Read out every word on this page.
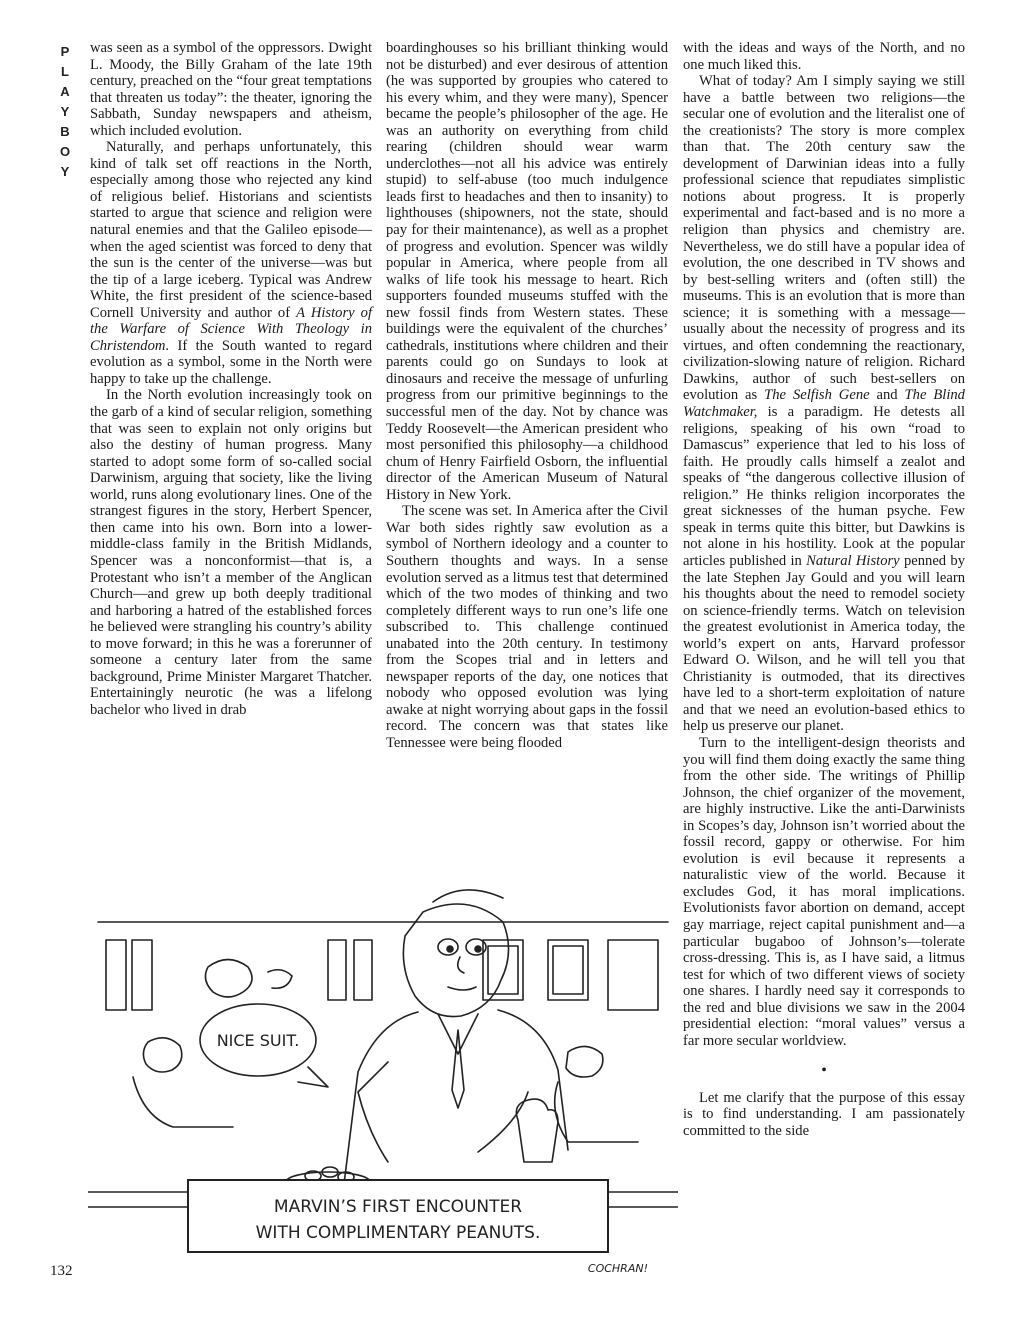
P
L
A
Y
B
O
Y

was seen as a symbol of the oppressors. Dwight L. Moody, the Billy Graham of the late 19th century, preached on the “four great temptations that threaten us today”: the theater, ignoring the Sabbath, Sunday newspapers and atheism, which included evolution.

Naturally, and perhaps unfortunately, this kind of talk set off reactions in the North, especially among those who rejected any kind of religious belief. Historians and scientists started to argue that science and religion were natural enemies and that the Galileo episode—when the aged scientist was forced to deny that the sun is the center of the universe—was but the tip of a large iceberg. Typical was Andrew White, the first president of the science-based Cornell University and author of A History of the Warfare of Science With Theology in Christendom. If the South wanted to regard evolution as a symbol, some in the North were happy to take up the challenge.

In the North evolution increasingly took on the garb of a kind of secular religion, something that was seen to explain not only origins but also the destiny of human progress. Many started to adopt some form of so-called social Darwinism, arguing that society, like the living world, runs along evolutionary lines. One of the strangest figures in the story, Herbert Spencer, then came into his own. Born into a lower-middle-class family in the British Midlands, Spencer was a nonconformist—that is, a Protestant who isn’t a member of the Anglican Church—and grew up both deeply traditional and harboring a hatred of the established forces he believed were strangling his country’s ability to move forward; in this he was a forerunner of someone a century later from the same background, Prime Minister Margaret Thatcher. Entertainingly neurotic (he was a lifelong bachelor who lived in drab

boardinghouses so his brilliant thinking would not be disturbed) and ever desirous of attention (he was supported by groupies who catered to his every whim, and they were many), Spencer became the people’s philosopher of the age. He was an authority on everything from child rearing (children should wear warm underclothes—not all his advice was entirely stupid) to self-abuse (too much indulgence leads first to headaches and then to insanity) to lighthouses (shipowners, not the state, should pay for their maintenance), as well as a prophet of progress and evolution. Spencer was wildly popular in America, where people from all walks of life took his message to heart. Rich supporters founded museums stuffed with the new fossil finds from Western states. These buildings were the equivalent of the churches’ cathedrals, institutions where children and their parents could go on Sundays to look at dinosaurs and receive the message of unfurling progress from our primitive beginnings to the successful men of the day. Not by chance was Teddy Roosevelt—the American president who most personified this philosophy—a childhood chum of Henry Fairfield Osborn, the influential director of the American Museum of Natural History in New York.

The scene was set. In America after the Civil War both sides rightly saw evolution as a symbol of Northern ideology and a counter to Southern thoughts and ways. In a sense evolution served as a litmus test that determined which of the two modes of thinking and two completely different ways to run one’s life one subscribed to. This challenge continued unabated into the 20th century. In testimony from the Scopes trial and in letters and newspaper reports of the day, one notices that nobody who opposed evolution was lying awake at night worrying about gaps in the fossil record. The concern was that states like Tennessee were being flooded

with the ideas and ways of the North, and no one much liked this.

What of today? Am I simply saying we still have a battle between two religions—the secular one of evolution and the literalist one of the creationists? The story is more complex than that. The 20th century saw the development of Darwinian ideas into a fully professional science that repudiates simplistic notions about progress. It is properly experimental and fact-based and is no more a religion than physics and chemistry are. Nevertheless, we do still have a popular idea of evolution, the one described in TV shows and by best-selling writers and (often still) the museums. This is an evolution that is more than science; it is something with a message—usually about the necessity of progress and its virtues, and often condemning the reactionary, civilization-slowing nature of religion. Richard Dawkins, author of such best-sellers on evolution as The Selfish Gene and The Blind Watchmaker, is a paradigm. He detests all religions, speaking of his own “road to Damascus” experience that led to his loss of faith. He proudly calls himself a zealot and speaks of “the dangerous collective illusion of religion.” He thinks religion incorporates the great sicknesses of the human psyche. Few speak in terms quite this bitter, but Dawkins is not alone in his hostility. Look at the popular articles published in Natural History penned by the late Stephen Jay Gould and you will learn his thoughts about the need to remodel society on science-friendly terms. Watch on television the greatest evolutionist in America today, the world’s expert on ants, Harvard professor Edward O. Wilson, and he will tell you that Christianity is outmoded, that its directives have led to a short-term exploitation of nature and that we need an evolution-based ethics to help us preserve our planet.

Turn to the intelligent-design theorists and you will find them doing exactly the same thing from the other side. The writings of Phillip Johnson, the chief organizer of the movement, are highly instructive. Like the anti-Darwinists in Scopes’s day, Johnson isn’t worried about the fossil record, gappy or otherwise. For him evolution is evil because it represents a naturalistic view of the world. Because it excludes God, it has moral implications. Evolutionists favor abortion on demand, accept gay marriage, reject capital punishment and—a particular bugaboo of Johnson’s—tolerate cross-dressing. This is, as I have said, a litmus test for which of two different views of society one shares. I hardly need say it corresponds to the red and blue divisions we saw in the 2004 presidential election: “moral values” versus a far more secular worldview.

•

Let me clarify that the purpose of this essay is to find understanding. I am passionately committed to the side

NICE SUIT.
MARVIN’S FIRST ENCOUNTER
WITH COMPLIMENTARY PEANUTS.
COCHRAN!
132
